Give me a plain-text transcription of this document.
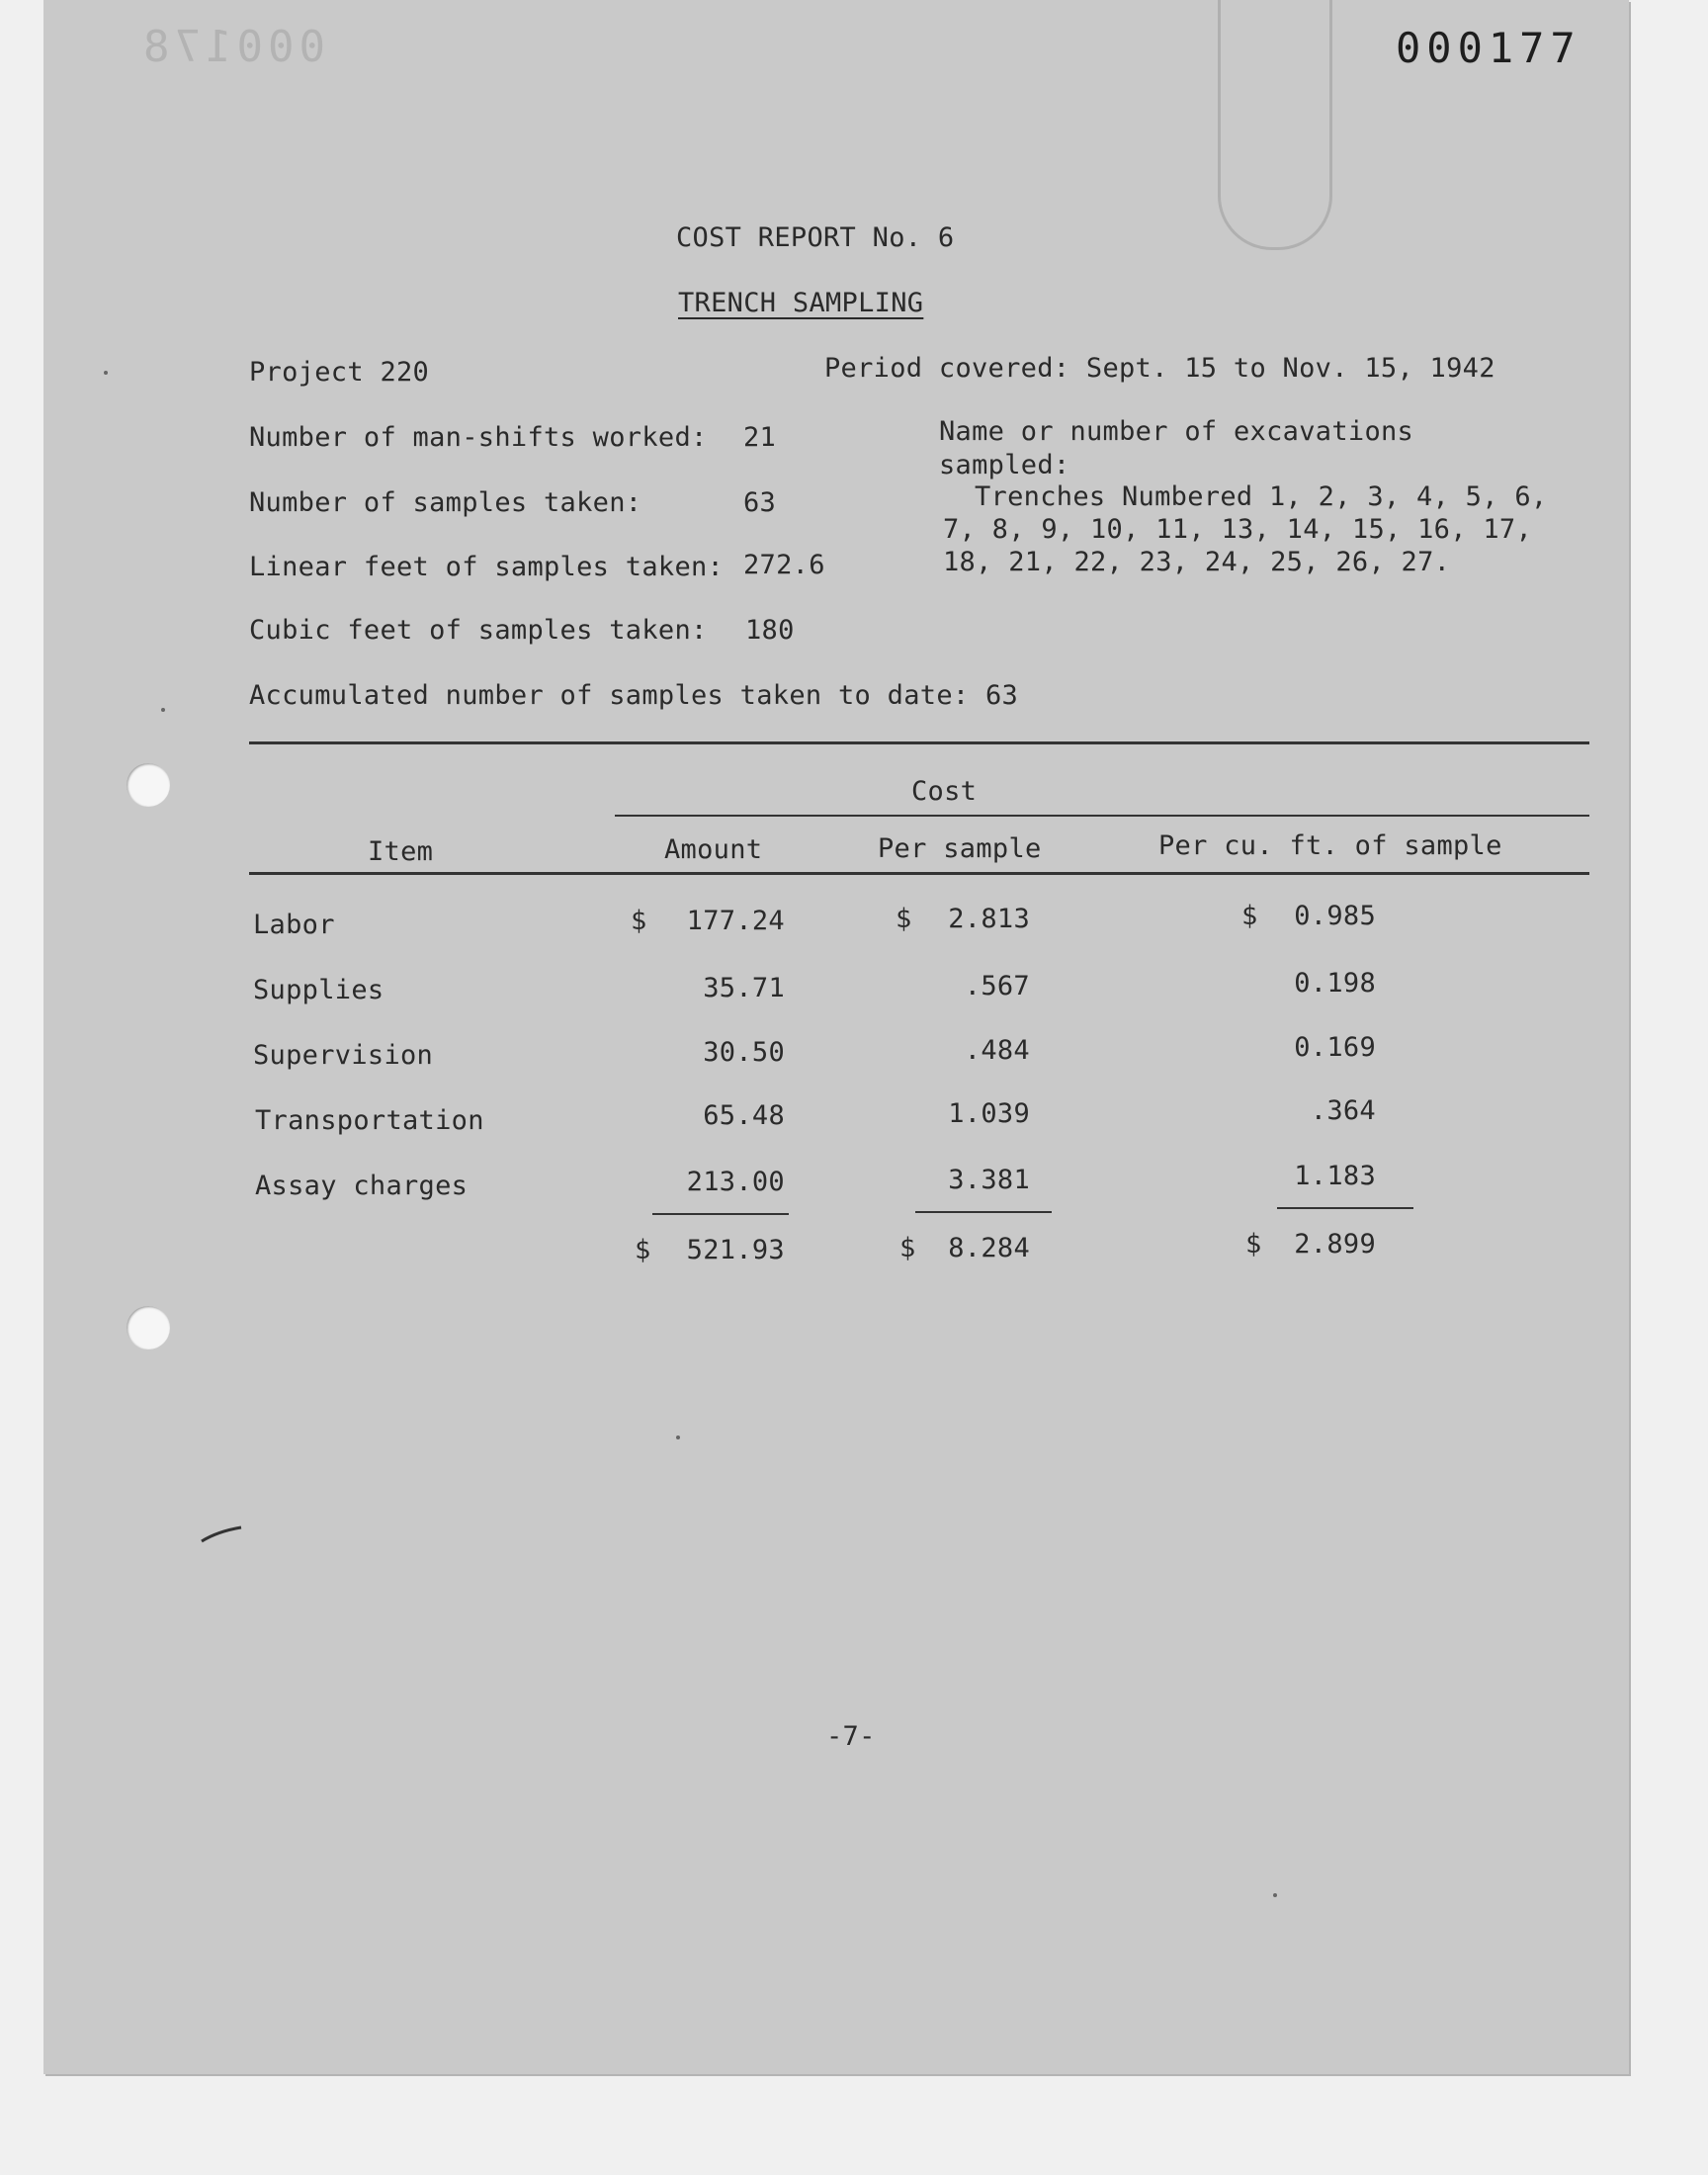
000178	000177
COST REPORT No. 6
TRENCH SAMPLING
Project 220	Period covered: Sept. 15 to Nov. 15, 1942
Number of man-shifts worked: 21
Number of samples taken:	63
Linear feet of samples taken: 272.6
Cubic feet of samples taken: 180
Accumulated number of samples taken to date: 63
Name or number of excavations
sampled:
Trenches Numbered 1, 2, 3, 4, 5, 6,
7, 8, 9, 10, 11, 13, 14, 15, 16, 17,
18, 21, 22, 23, 24, 25, 26, 27.
Cost
Item	Amount	Per sample	Per cu. ft. of sample
Labor	$	177.24	$	2.813	$	0.985
Supplies	35.71	.567	0.198
Supervision	30.50	.484	0.169
Transportation	65.48	1.039	.364
Assay charges	213.00	3.381	1.183
$	521.93	$	8.284	$	2.899
-7-
